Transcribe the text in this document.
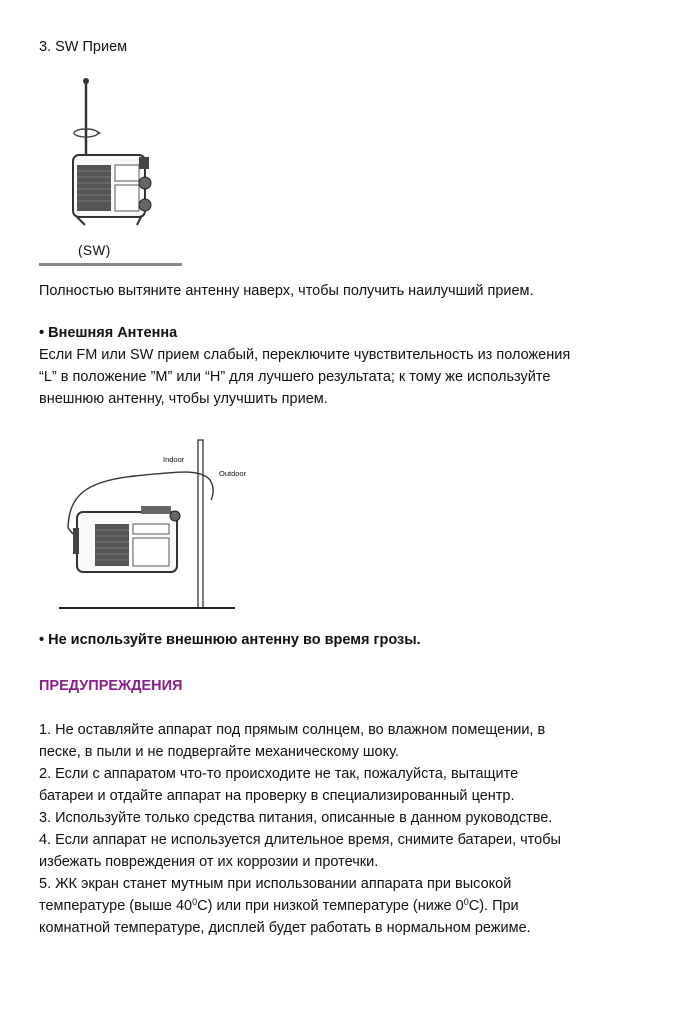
3. SW Прием
(SW)
Полностью вытяните антенну наверх, чтобы получить наилучший прием.
• Внешняя Антенна
Если FM или SW прием слабый, переключите чувствительность из положения
“L” в положение ”M” или “H” для лучшего результата; к тому же используйте
внешнюю антенну, чтобы улучшить прием.
Indoor
Outdoor
• Не используйте внешнюю антенну во время грозы.
ПРЕДУПРЕЖДЕНИЯ
1. Не оставляйте аппарат под прямым солнцем, во влажном помещении, в
песке, в пыли и не подвергайте механическому шоку.
2. Если с аппаратом что-то происходите не так, пожалуйста, вытащите
батареи и отдайте аппарат на проверку в специализированный центр.
3. Используйте только средства питания, описанные в данном руководстве.
4. Если аппарат не используется длительное время, снимите батареи, чтобы
избежать повреждения от их коррозии и протечки.
5. ЖК экран станет мутным при использовании аппарата при высокой
температуре (выше $40^0С$) или при низкой температуре (ниже $0^0С$). При
комнатной температуре, дисплей будет работать в нормальном режиме.
